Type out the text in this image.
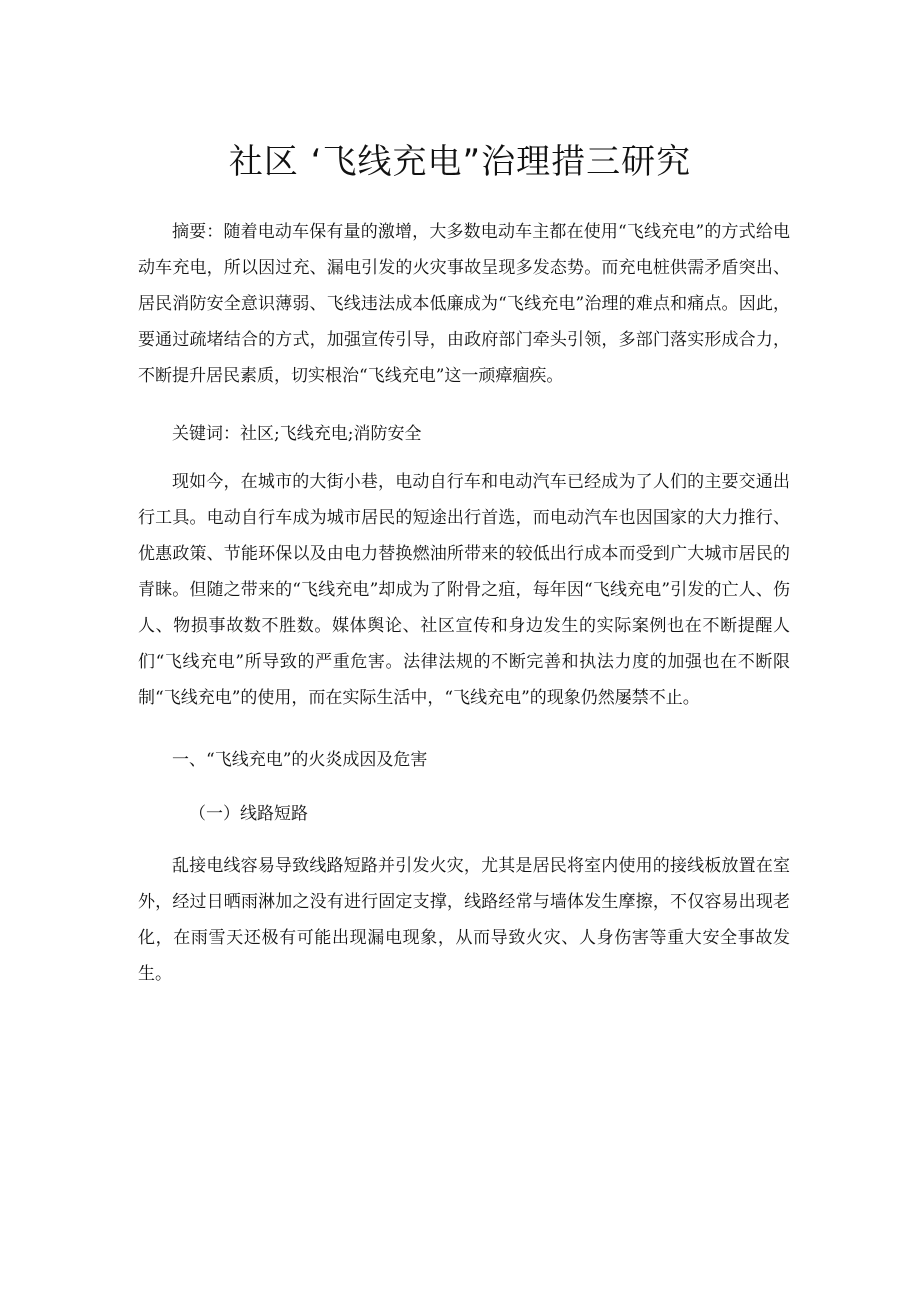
社区 ‘飞线充电”治理措三研究

摘要：随着电动车保有量的激增，大多数电动车主都在使用“飞线充电”的方式给电动车充电，所以因过充、漏电引发的火灾事故呈现多发态势。而充电桩供需矛盾突出、居民消防安全意识薄弱、飞线违法成本低廉成为“飞线充电”治理的难点和痛点。因此，要通过疏堵结合的方式，加强宣传引导，由政府部门牵头引领，多部门落实形成合力，不断提升居民素质，切实根治“飞线充电”这一顽瘴痼疾。

关键词：社区;飞线充电;消防安全

现如今，在城市的大街小巷，电动自行车和电动汽车已经成为了人们的主要交通出行工具。电动自行车成为城市居民的短途出行首选，而电动汽车也因国家的大力推行、优惠政策、节能环保以及由电力替换燃油所带来的较低出行成本而受到广大城市居民的青睐。但随之带来的“飞线充电”却成为了附骨之疽，每年因“飞线充电”引发的亡人、伤人、物损事故数不胜数。媒体舆论、社区宣传和身边发生的实际案例也在不断提醒人们“飞线充电”所导致的严重危害。法律法规的不断完善和执法力度的加强也在不断限制“飞线充电”的使用，而在实际生活中，“飞线充电”的现象仍然屡禁不止。

一、“飞线充电”的火炎成因及危害

（一）线路短路

乱接电线容易导致线路短路并引发火灾，尤其是居民将室内使用的接线板放置在室外，经过日晒雨淋加之没有进行固定支撑，线路经常与墙体发生摩擦，不仅容易出现老化，在雨雪天还极有可能出现漏电现象，从而导致火灾、人身伤害等重大安全事故发生。
